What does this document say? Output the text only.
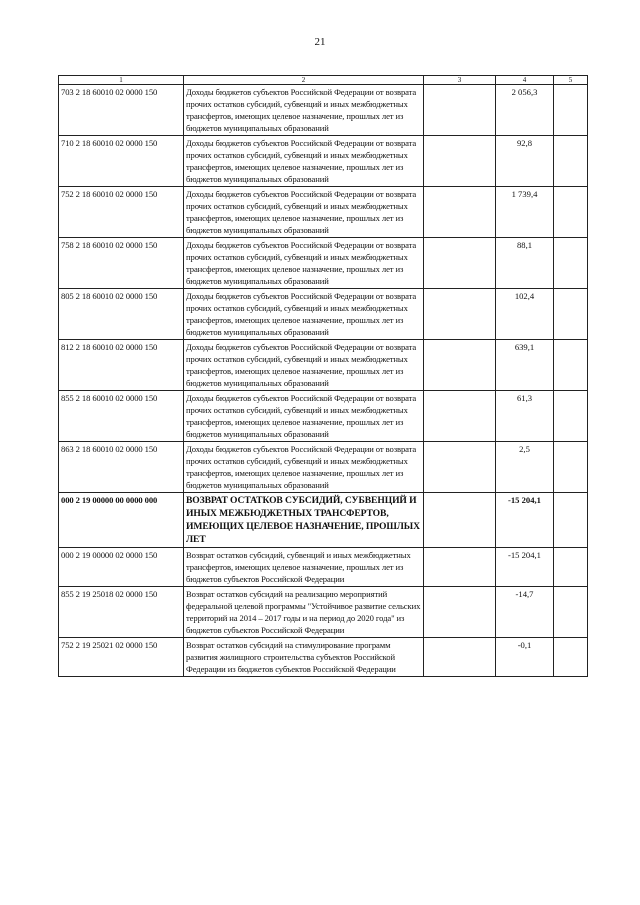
21
1	2	3	4	5
703 2 18 60010 02 0000 150	Доходы бюджетов субъектов Российской Федерации от возврата прочих остатков субсидий, субвенций и иных межбюджетных трансфертов, имеющих целевое назначение, прошлых лет из бюджетов муниципальных образований		2 056,3	
710 2 18 60010 02 0000 150	Доходы бюджетов субъектов Российской Федерации от возврата прочих остатков субсидий, субвенций и иных межбюджетных трансфертов, имеющих целевое назначение, прошлых лет из бюджетов муниципальных образований		92,8	
752 2 18 60010 02 0000 150	Доходы бюджетов субъектов Российской Федерации от возврата прочих остатков субсидий, субвенций и иных межбюджетных трансфертов, имеющих целевое назначение, прошлых лет из бюджетов муниципальных образований		1 739,4	
758 2 18 60010 02 0000 150	Доходы бюджетов субъектов Российской Федерации от возврата прочих остатков субсидий, субвенций и иных межбюджетных трансфертов, имеющих целевое назначение, прошлых лет из бюджетов муниципальных образований		88,1	
805 2 18 60010 02 0000 150	Доходы бюджетов субъектов Российской Федерации от возврата прочих остатков субсидий, субвенций и иных межбюджетных трансфертов, имеющих целевое назначение, прошлых лет из бюджетов муниципальных образований		102,4	
812 2 18 60010 02 0000 150	Доходы бюджетов субъектов Российской Федерации от возврата прочих остатков субсидий, субвенций и иных межбюджетных трансфертов, имеющих целевое назначение, прошлых лет из бюджетов муниципальных образований		639,1	
855 2 18 60010 02 0000 150	Доходы бюджетов субъектов Российской Федерации от возврата прочих остатков субсидий, субвенций и иных межбюджетных трансфертов, имеющих целевое назначение, прошлых лет из бюджетов муниципальных образований		61,3	
863 2 18 60010 02 0000 150	Доходы бюджетов субъектов Российской Федерации от возврата прочих остатков субсидий, субвенций и иных межбюджетных трансфертов, имеющих целевое назначение, прошлых лет из бюджетов муниципальных образований		2,5	
000 2 19 00000 00 0000 000	ВОЗВРАТ ОСТАТКОВ СУБСИДИЙ, СУБВЕНЦИЙ И ИНЫХ МЕЖБЮДЖЕТНЫХ ТРАНСФЕРТОВ, ИМЕЮЩИХ ЦЕЛЕВОЕ НАЗНАЧЕНИЕ, ПРОШЛЫХ ЛЕТ		-15 204,1	
000 2 19 00000 02 0000 150	Возврат остатков субсидий, субвенций и иных межбюджетных трансфертов, имеющих целевое назначение, прошлых лет из бюджетов субъектов Российской Федерации		-15 204,1	
855 2 19 25018 02 0000 150	Возврат остатков субсидий на реализацию мероприятий федеральной целевой программы "Устойчивое развитие сельских территорий на 2014 – 2017 годы и на период до 2020 года" из бюджетов субъектов Российской Федерации		-14,7	
752 2 19 25021 02 0000 150	Возврат остатков субсидий на стимулирование программ развития жилищного строительства субъектов Российской Федерации из бюджетов субъектов Российской Федерации		-0,1	
